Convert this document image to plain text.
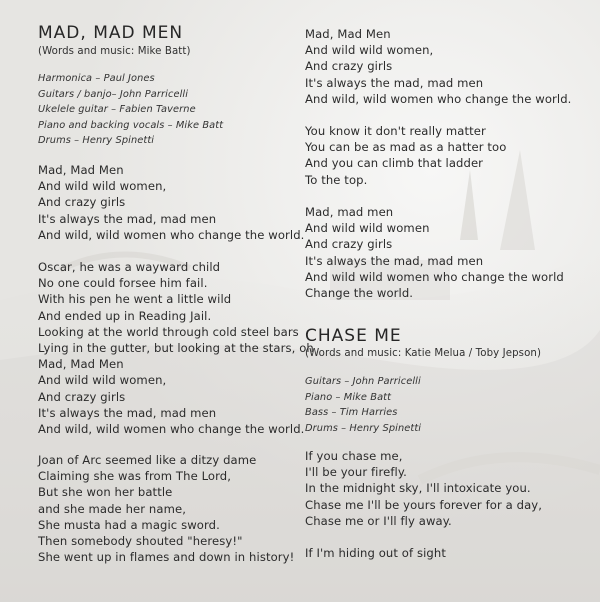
MAD, MAD MEN
(Words and music: Mike Batt)
Harmonica – Paul Jones
Guitars / banjo– John Parricelli
Ukelele guitar – Fabien Taverne
Piano and backing vocals – Mike Batt
Drums – Henry Spinetti
Mad, Mad Men
And wild wild women,
And crazy girls
It's always the mad, mad men
And wild, wild women who change the world.
Oscar, he was a wayward child
No one could forsee him fail.
With his pen he went a little wild
And ended up in Reading Jail.
Looking at the world through cold steel bars
Lying in the gutter, but looking at the stars, oh
Mad, Mad Men
And wild wild women,
And crazy girls
It's always the mad, mad men
And wild, wild women who change the world.
Joan of Arc seemed like a ditzy dame
Claiming she was from The Lord,
But she won her battle
and she made her name,
She musta had a magic sword.
Then somebody shouted "heresy!"
She went up in flames and down in history!
Mad, Mad Men
And wild wild women,
And crazy girls
It's always the mad, mad men
And wild, wild women who change the world.
You know it don't really matter
You can be as mad as a hatter too
And you can climb that ladder
To the top.
Mad, mad men
And wild wild women
And crazy girls
It's always the mad, mad men
And wild wild women who change the world
Change the world.
CHASE ME
(Words and music: Katie Melua / Toby Jepson)
Guitars – John Parricelli
Piano – Mike Batt
Bass – Tim Harries
Drums – Henry Spinetti
If you chase me,
I'll be your firefly.
In the midnight sky, I'll intoxicate you.
Chase me I'll be yours forever for a day,
Chase me or I'll fly away.
If I'm hiding out of sight
